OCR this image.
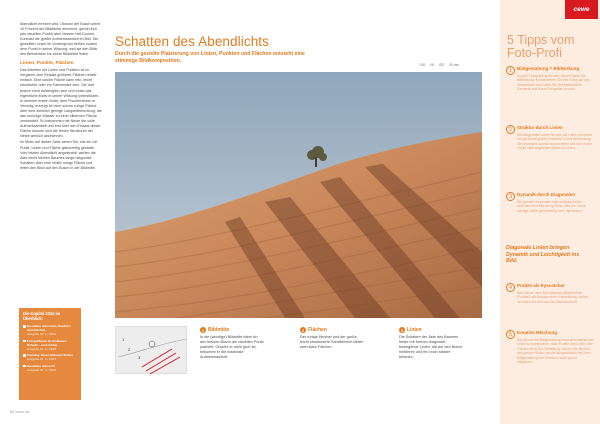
Abendlicht erreicht wird. Obwohl der Busch keine 10 Prozent der Bildfläche einnimmt, gehört ihm (als visuellen Punkt) aber dessen hell-Dunkel-Kontrast die größte Aufmerksamkeit im Bild. Die gewellten Linien im Vordergrund heißen zudem dem Punkt in seiner Wirkung, weil sie den Blick des Betrachters ins obere Bilddrittel leiten.

Linien, Punkte, Flächen

Das Arbeiten mit Linien und Punkten ist im Vergleich zum Einsatz größerer Flächen relativ einfach. Eine solche Fläche kann rein, leicht strukturiert oder ein Farbverlauf sein. Sie darf jedoch nicht aufdringlich sein und muss das eigentliche Motiv in seiner Wirkung unterstützen. In meinem ersten Motiv, dem Fischernetzen in Venedig, erzeugt ich eine solche ruhige Fläche über eine ziemlich geringe Langzeitbelichtung, die das unruhige Wasser zu einer silbernen Fläche verwandelt. So bekommen die Netze die volle Aufmerksamkeit und erst über den Einsatz dieser Fläche können sich die feinen Strukturen der Netze wirklich abzeichnen.

Im Motiv auf dieser Seite sehen Sie, wie ich mit Punkt, Linien und Fläche gleichzeitig gestalte. Vom letzten Abendlicht angestrahlt, werfen die Äste eines kleinen Baumes lange diagonale Schatten über eine relativ ruhige Fläche und leiten den Blick auf den Busch in der Bildmitte.

Die Kapitel 2024 im Überblick:
Gestalten mit Linien, Punkten und Flächen
Ausgabe Nr. 1 / 2024
Fotografieren im Goldenen Schnitt – und richtig
Ausgabe Nr. 2 / 2024
Framing: Einen Rahmen finden
Ausgabe Nr. 3 / 2024
Gestalten mit Licht
Ausgabe Nr. 4 / 2024
Schatten des Abendlichts
Durch die gezielte Platzierung von Linien, Punkten und Flächen entsteht eine stimmige Bildkomposition.
1/30	f/8	ISO	50 mm
1
2
3
1 Bildmitte
In die (wichtige) Bildmitte habe ich den kleinen Busch als visuellen Punkt platziert. Obwohl er nicht groß ist, bekommt er die maximale Aufmerksamkeit.
2 Flächen
Der ruhige Himmel und der große, leicht strukturierte Sandbereich bilden zwei klare Flächen.
3 Linien
Die Schatten der Äste des Baumes hinter mir formen diagonale, bewegende Linien, die auf den Busch hinführen und ihn noch stärker betonen.
62 cewe.de
cewe
5 Tipps vom Foto-Profi
1	Bildgestaltung = Bildwirkung
In jeder Fotografie spürt man, durch Fläche die Bildwirkung. Konzentrieren Sie Ihre Fotos auf das Wesentliche und halten Sie Nebensächliche Elemente aus Ihrem Fotografen heraus.
2	Struktur durch Linien
Die Bildgestaltet sollte Sie sich mit Linien schreiben und gleichzeitig sehr umsetzen in Ihre Anwendung, die besonders schnell anzunehmen und sich in den rechts nach angeleitete Bilder zu Linien.
3	Dynamik durch Diagonalen
Nur gerade Horizontale oder vertikale Linien verleihen dem Bild wenig Ruhe. Hier-ein, leicht schräge, dafür gleichmäßig, sehr dynamisch.
Diagonale Linien bringen Dynamik und Leichtigkeit ins Bild.
4	Punkte als Eyecatcher
Sehr kleine, aber klar erkannte Bildelemente (Punkte), wie Beispiel einen Farbwirkung, ziehen den Blick auf sich und den Bildausschnitt.
5	Kreative Mischung
Sie können die Bildgestaltung besonders setzen und Linien so kombinieren, dass Punkte und Linien oder Flächen sie in der Gestaltung, nutzen Sie als Kern des ganzen Bildes, um die ausgewählten bei Ihren Bildgestaltung ihre Elemente auch gut zu integrieren.
